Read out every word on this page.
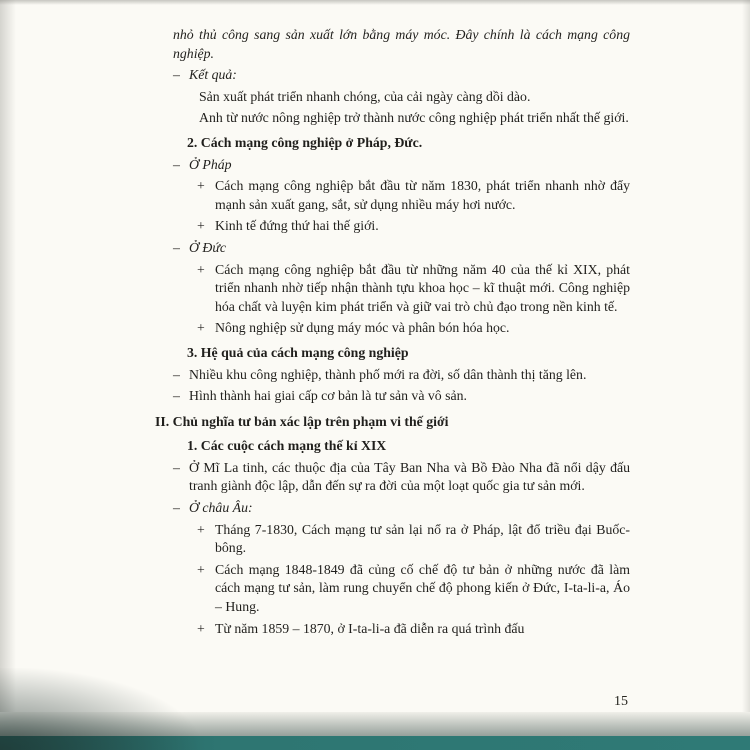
nhỏ thủ công sang sản xuất lớn bằng máy móc. Đây chính là cách mạng công nghiệp.
– Kết quả:
Sản xuất phát triển nhanh chóng, của cải ngày càng dồi dào.
Anh từ nước nông nghiệp trở thành nước công nghiệp phát triển nhất thế giới.
2. Cách mạng công nghiệp ở Pháp, Đức.
– Ở Pháp
+ Cách mạng công nghiệp bắt đầu từ năm 1830, phát triển nhanh nhờ đẩy mạnh sản xuất gang, sắt, sử dụng nhiều máy hơi nước.
+ Kinh tế đứng thứ hai thế giới.
– Ở Đức
+ Cách mạng công nghiệp bắt đầu từ những năm 40 của thế kỉ XIX, phát triển nhanh nhờ tiếp nhận thành tựu khoa học – kĩ thuật mới. Công nghiệp hóa chất và luyện kim phát triển và giữ vai trò chủ đạo trong nền kinh tế.
+ Nông nghiệp sử dụng máy móc và phân bón hóa học.
3. Hệ quả của cách mạng công nghiệp
– Nhiều khu công nghiệp, thành phố mới ra đời, số dân thành thị tăng lên.
– Hình thành hai giai cấp cơ bản là tư sản và vô sản.
II. Chủ nghĩa tư bản xác lập trên phạm vi thế giới
1. Các cuộc cách mạng thế kỉ XIX
– Ở Mĩ La tinh, các thuộc địa của Tây Ban Nha và Bồ Đào Nha đã nổi dậy đấu tranh giành độc lập, dẫn đến sự ra đời của một loạt quốc gia tư sản mới.
– Ở châu Âu:
+ Tháng 7-1830, Cách mạng tư sản lại nổ ra ở Pháp, lật đổ triều đại Buốc-bông.
+ Cách mạng 1848-1849 đã củng cố chế độ tư bản ở những nước đã làm cách mạng tư sản, làm rung chuyển chế độ phong kiến ở Đức, I-ta-li-a, Áo – Hung.
+ Từ năm 1859 – 1870, ở I-ta-li-a đã diễn ra quá trình đấu
15
